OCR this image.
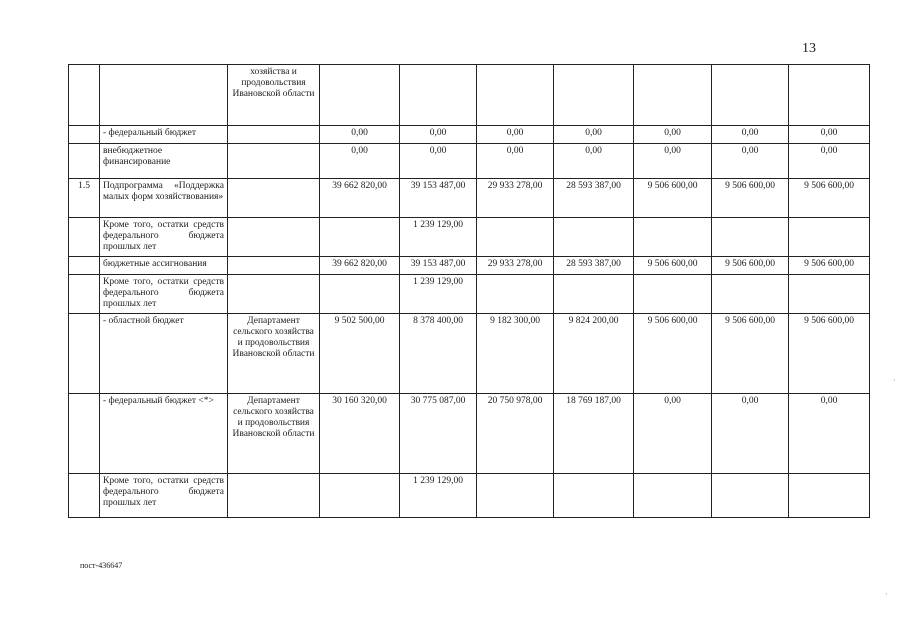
13
		хозяйства и продовольствия Ивановской области							
	- федеральный бюджет		0,00	0,00	0,00	0,00	0,00	0,00	0,00
	внебюджетное финансирование		0,00	0,00	0,00	0,00	0,00	0,00	0,00
1.5	Подпрограмма «Поддержка малых форм хозяйствования»		39 662 820,00	39 153 487,00	29 933 278,00	28 593 387,00	9 506 600,00	9 506 600,00	9 506 600,00
	Кроме того, остатки средств федерального бюджета прошлых лет			1 239 129,00					
	бюджетные ассигнования		39 662 820,00	39 153 487,00	29 933 278,00	28 593 387,00	9 506 600,00	9 506 600,00	9 506 600,00
	Кроме того, остатки средств федерального бюджета прошлых лет			1 239 129,00					
	- областной бюджет	Департамент сельского хозяйства и продовольствия Ивановской области	9 502 500,00	8 378 400,00	9 182 300,00	9 824 200,00	9 506 600,00	9 506 600,00	9 506 600,00
	- федеральный бюджет <*>	Департамент сельского хозяйства и продовольствия Ивановской области	30 160 320,00	30 775 087,00	20 750 978,00	18 769 187,00	0,00	0,00	0,00
	Кроме того, остатки средств федерального бюджета прошлых лет			1 239 129,00					
пост-436647
·
·
